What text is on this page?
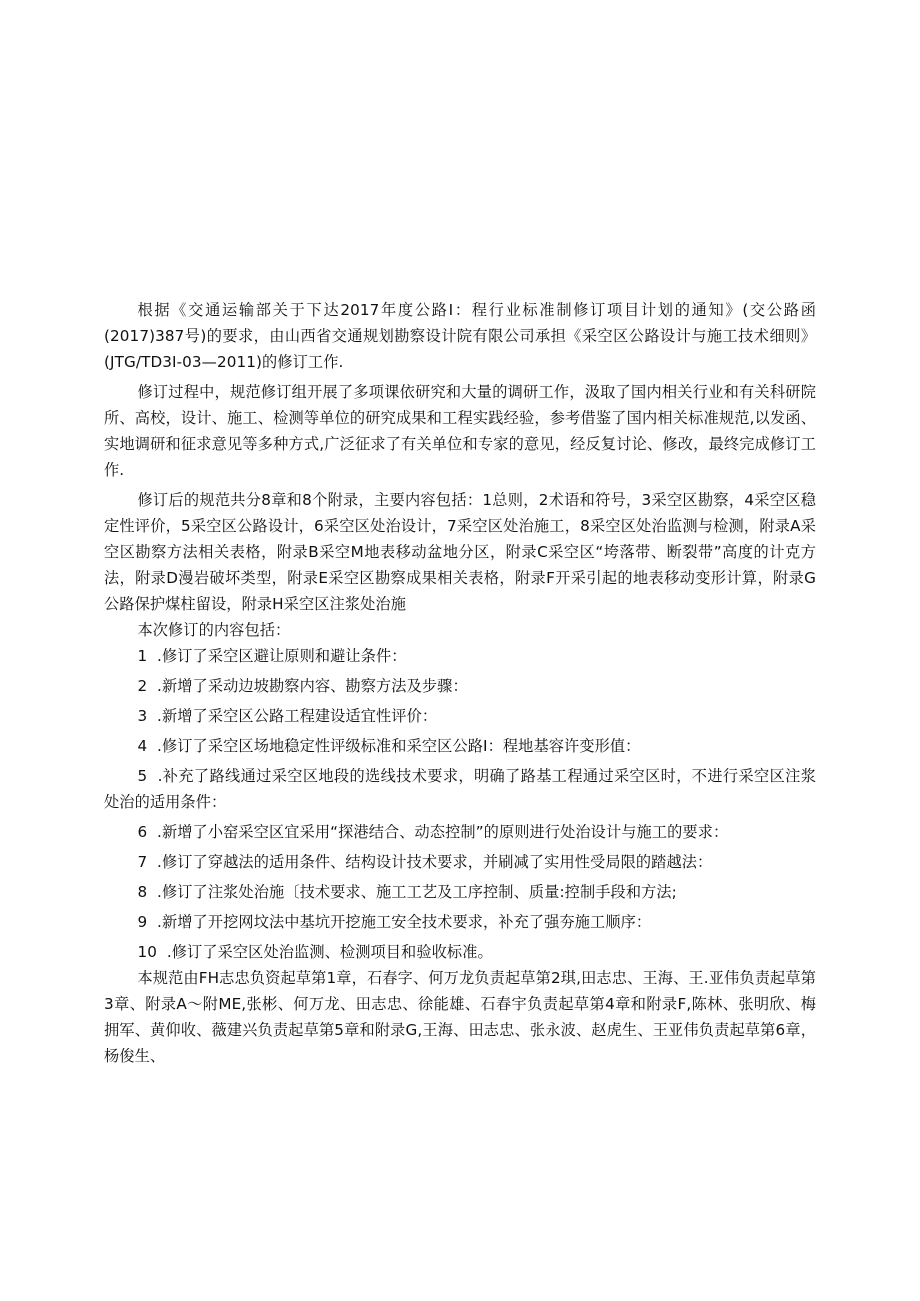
根据《交通运输部关于下达2017年度公路I：程行业标准制修订项目计划的通知》(交公路函(2017)387号)的要求，由山西省交通规划勘察设计院有限公司承担《采空区公路设计与施工技术细则》(JTG∕TD3I-03—2011)的修订工作.

修订过程中，规范修订组开展了多项课依研究和大量的调研工作，汲取了国内相关行业和有关科研院所、高校，设计、施工、检测等单位的研究成果和工程实践经验，参考借鉴了国内相关标准规范,以发函、实地调研和征求意见等多种方式,广泛征求了有关单位和专家的意见，经反复讨论、修改，最终完成修订工作.

修订后的规范共分8章和8个附录，主要内容包括：1总则，2术语和符号，3采空区勘察，4采空区稳定性评价，5采空区公路设计，6采空区处治设计，7采空区处治施工，8采空区处治监测与检测，附录A采空区勘察方法相关表格，附录B采空M地表移动盆地分区，附录C采空区“垮落带、断裂带”高度的计克方法，附录D漫岩破坏类型，附录E采空区勘察成果相关表格，附录F开采引起的地表移动变形计算，附录G公路保护煤柱留设，附录H采空区注浆处治施

本次修订的内容包括：

1  .修订了采空区避让原则和避让条件：

2  .新增了采动边坡勘察内容、勘察方法及步骤：

3  .新增了采空区公路工程建设适宜性评价：

4  .修订了采空区场地稳定性评级标准和采空区公路I：程地基容许变形值：

5  .补充了路线通过采空区地段的选线技术要求，明确了路基工程通过采空区时，不进行采空区注浆处治的适用条件：

6  .新增了小窑采空区宜采用“探港结合、动态控制”的原则进行处治设计与施工的要求：

7  .修订了穿越法的适用条件、结构设计技术要求，并刷减了实用性受局限的踏越法：

8  .修订了注浆处治施〔技术要求、施工工艺及工序控制、质量:控制手段和方法;

9  .新增了开挖网坟法中基坑开挖施工安全技术要求，补充了强夯施工顺序：

10  .修订了采空区处治监测、检测项目和验收标准。

本规范由FH志忠负资起草第1章，石春字、何万龙负责起草第2琪,田志忠、王海、王.亚伟负责起草第3章、附录A〜附ME,张彬、何万龙、田志忠、徐能雄、石春宇负责起草第4章和附录F,陈林、张明欣、梅拥军、黄仰收、薇建兴负责起草第5章和附录G,王海、田志忠、张永波、赵虎生、王亚伟负责起草第6章，杨俊生、
